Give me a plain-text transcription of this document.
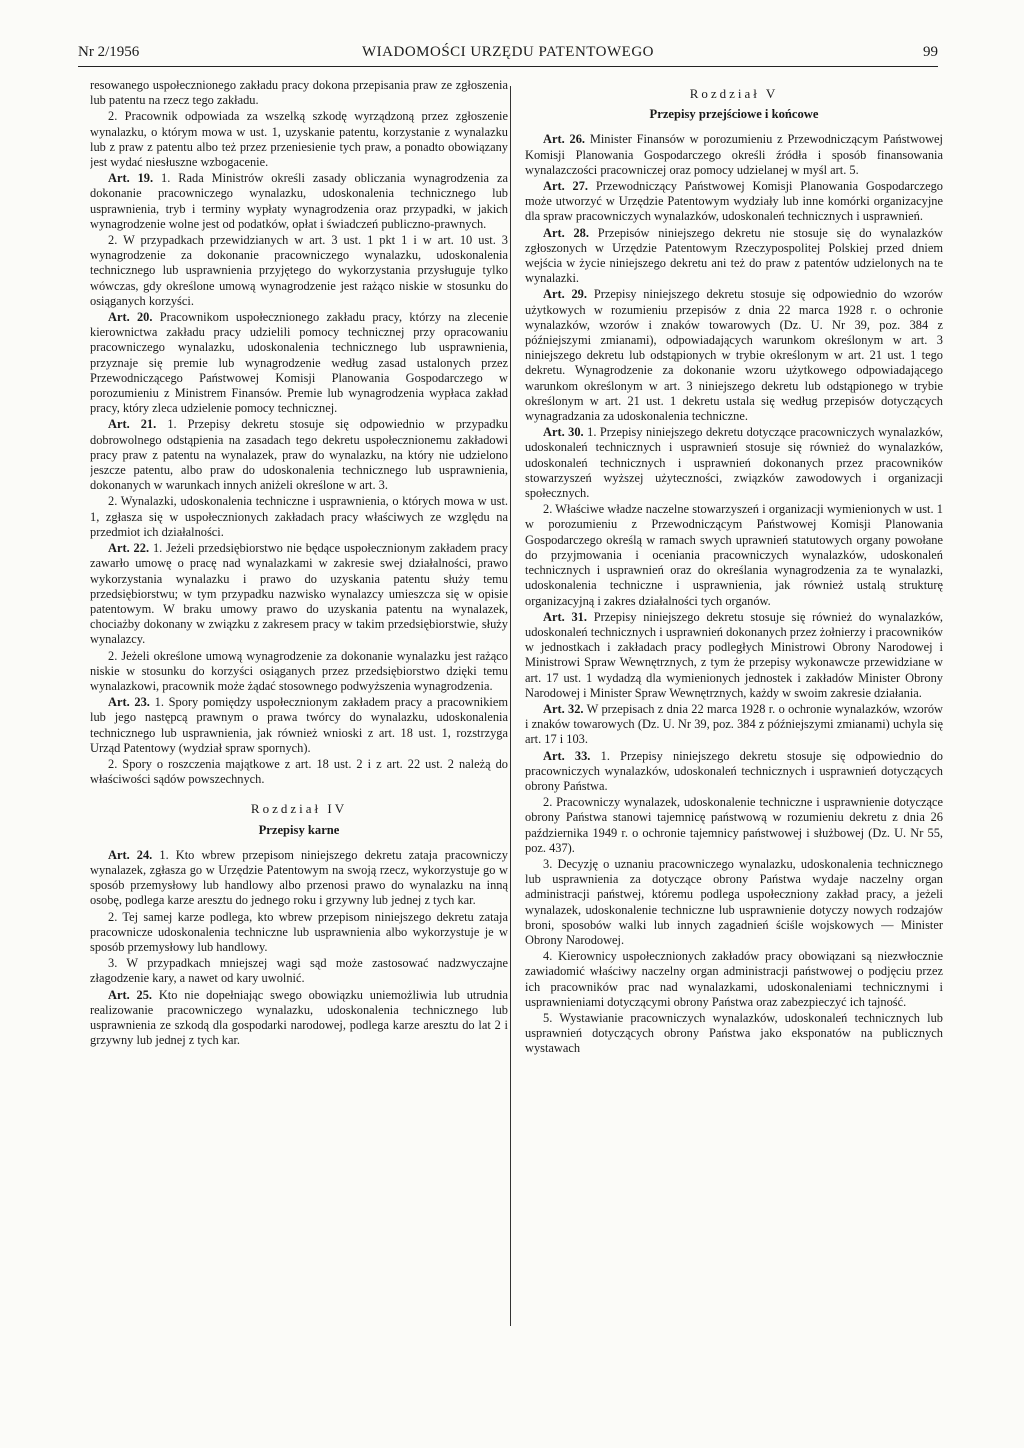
Nr 2/1956	WIADOMOŚCI URZĘDU PATENTOWEGO	99

resowanego uspołecznionego zakładu pracy dokona przepisania praw ze zgłoszenia lub patentu na rzecz tego zakładu.

2. Pracownik odpowiada za wszelką szkodę wyrządzoną przez zgłoszenie wynalazku, o którym mowa w ust. 1, uzyskanie patentu, korzystanie z wynalazku lub z praw z patentu albo też przez przeniesienie tych praw, a ponadto obowiązany jest wydać niesłuszne wzbogacenie.

Art. 19. 1. Rada Ministrów określi zasady obliczania wynagrodzenia za dokonanie pracowniczego wynalazku, udoskonalenia technicznego lub usprawnienia, tryb i terminy wypłaty wynagrodzenia oraz przypadki, w jakich wynagrodzenie wolne jest od podatków, opłat i świadczeń publiczno-prawnych.

2. W przypadkach przewidzianych w art. 3 ust. 1 pkt 1 i w art. 10 ust. 3 wynagrodzenie za dokonanie pracowniczego wynalazku, udoskonalenia technicznego lub usprawnienia przyjętego do wykorzystania przysługuje tylko wówczas, gdy określone umową wynagrodzenie jest rażąco niskie w stosunku do osiąganych korzyści.

Art. 20. Pracownikom uspołecznionego zakładu pracy, którzy na zlecenie kierownictwa zakładu pracy udzielili pomocy technicznej przy opracowaniu pracowniczego wynalazku, udoskonalenia technicznego lub usprawnienia, przyznaje się premie lub wynagrodzenie według zasad ustalonych przez Przewodniczącego Państwowej Komisji Planowania Gospodarczego w porozumieniu z Ministrem Finansów. Premie lub wynagrodzenia wypłaca zakład pracy, który zleca udzielenie pomocy technicznej.

Art. 21. 1. Przepisy dekretu stosuje się odpowiednio w przypadku dobrowolnego odstąpienia na zasadach tego dekretu uspołecznionemu zakładowi pracy praw z patentu na wynalazek, praw do wynalazku, na który nie udzielono jeszcze patentu, albo praw do udoskonalenia technicznego lub usprawnienia, dokonanych w warunkach innych aniżeli określone w art. 3.

2. Wynalazki, udoskonalenia techniczne i usprawnienia, o których mowa w ust. 1, zgłasza się w uspołecznionych zakładach pracy właściwych ze względu na przedmiot ich działalności.

Art. 22. 1. Jeżeli przedsiębiorstwo nie będące uspołecznionym zakładem pracy zawarło umowę o pracę nad wynalazkami w zakresie swej działalności, prawo wykorzystania wynalazku i prawo do uzyskania patentu służy temu przedsiębiorstwu; w tym przypadku nazwisko wynalazcy umieszcza się w opisie patentowym. W braku umowy prawo do uzyskania patentu na wynalazek, chociażby dokonany w związku z zakresem pracy w takim przedsiębiorstwie, służy wynalazcy.

2. Jeżeli określone umową wynagrodzenie za dokonanie wynalazku jest rażąco niskie w stosunku do korzyści osiąganych przez przedsiębiorstwo dzięki temu wynalazkowi, pracownik może żądać stosownego podwyższenia wynagrodzenia.

Art. 23. 1. Spory pomiędzy uspołecznionym zakładem pracy a pracownikiem lub jego następcą prawnym o prawa twórcy do wynalazku, udoskonalenia technicznego lub usprawnienia, jak również wnioski z art. 18 ust. 1, rozstrzyga Urząd Patentowy (wydział spraw spornych).

2. Spory o roszczenia majątkowe z art. 18 ust. 2 i z art. 22 ust. 2 należą do właściwości sądów powszechnych.

Rozdział IV
Przepisy karne

Art. 24. 1. Kto wbrew przepisom niniejszego dekretu zataja pracowniczy wynalazek, zgłasza go w Urzędzie Patentowym na swoją rzecz, wykorzystuje go w sposób przemysłowy lub handlowy albo przenosi prawo do wynalazku na inną osobę, podlega karze aresztu do jednego roku i grzywny lub jednej z tych kar.

2. Tej samej karze podlega, kto wbrew przepisom niniejszego dekretu zataja pracownicze udoskonalenia techniczne lub usprawnienia albo wykorzystuje je w sposób przemysłowy lub handlowy.

3. W przypadkach mniejszej wagi sąd może zastosować nadzwyczajne złagodzenie kary, a nawet od kary uwolnić.

Art. 25. Kto nie dopełniając swego obowiązku uniemożliwia lub utrudnia realizowanie pracowniczego wynalazku, udoskonalenia technicznego lub usprawnienia ze szkodą dla gospodarki narodowej, podlega karze aresztu do lat 2 i grzywny lub jednej z tych kar.

Rozdział V
Przepisy przejściowe i końcowe

Art. 26. Minister Finansów w porozumieniu z Przewodniczącym Państwowej Komisji Planowania Gospodarczego określi źródła i sposób finansowania wynalazczości pracowniczej oraz pomocy udzielanej w myśl art. 5.

Art. 27. Przewodniczący Państwowej Komisji Planowania Gospodarczego może utworzyć w Urzędzie Patentowym wydziały lub inne komórki organizacyjne dla spraw pracowniczych wynalazków, udoskonaleń technicznych i usprawnień.

Art. 28. Przepisów niniejszego dekretu nie stosuje się do wynalazków zgłoszonych w Urzędzie Patentowym Rzeczypospolitej Polskiej przed dniem wejścia w życie niniejszego dekretu ani też do praw z patentów udzielonych na te wynalazki.

Art. 29. Przepisy niniejszego dekretu stosuje się odpowiednio do wzorów użytkowych w rozumieniu przepisów z dnia 22 marca 1928 r. o ochronie wynalazków, wzorów i znaków towarowych (Dz. U. Nr 39, poz. 384 z późniejszymi zmianami), odpowiadających warunkom określonym w art. 3 niniejszego dekretu lub odstąpionych w trybie określonym w art. 21 ust. 1 tego dekretu. Wynagrodzenie za dokonanie wzoru użytkowego odpowiadającego warunkom określonym w art. 3 niniejszego dekretu lub odstąpionego w trybie określonym w art. 21 ust. 1 dekretu ustala się według przepisów dotyczących wynagradzania za udoskonalenia techniczne.

Art. 30. 1. Przepisy niniejszego dekretu dotyczące pracowniczych wynalazków, udoskonaleń technicznych i usprawnień stosuje się również do wynalazków, udoskonaleń technicznych i usprawnień dokonanych przez pracowników stowarzyszeń wyższej użyteczności, związków zawodowych i organizacji społecznych.

2. Właściwe władze naczelne stowarzyszeń i organizacji wymienionych w ust. 1 w porozumieniu z Przewodniczącym Państwowej Komisji Planowania Gospodarczego określą w ramach swych uprawnień statutowych organy powołane do przyjmowania i oceniania pracowniczych wynalazków, udoskonaleń technicznych i usprawnień oraz do określania wynagrodzenia za te wynalazki, udoskonalenia techniczne i usprawnienia, jak również ustalą strukturę organizacyjną i zakres działalności tych organów.

Art. 31. Przepisy niniejszego dekretu stosuje się również do wynalazków, udoskonaleń technicznych i usprawnień dokonanych przez żołnierzy i pracowników w jednostkach i zakładach pracy podległych Ministrowi Obrony Narodowej i Ministrowi Spraw Wewnętrznych, z tym że przepisy wykonawcze przewidziane w art. 17 ust. 1 wydadzą dla wymienionych jednostek i zakładów Minister Obrony Narodowej i Minister Spraw Wewnętrznych, każdy w swoim zakresie działania.

Art. 32. W przepisach z dnia 22 marca 1928 r. o ochronie wynalazków, wzorów i znaków towarowych (Dz. U. Nr 39, poz. 384 z późniejszymi zmianami) uchyla się art. 17 i 103.

Art. 33. 1. Przepisy niniejszego dekretu stosuje się odpowiednio do pracowniczych wynalazków, udoskonaleń technicznych i usprawnień dotyczących obrony Państwa.

2. Pracowniczy wynalazek, udoskonalenie techniczne i usprawnienie dotyczące obrony Państwa stanowi tajemnicę państwową w rozumieniu dekretu z dnia 26 października 1949 r. o ochronie tajemnicy państwowej i służbowej (Dz. U. Nr 55, poz. 437).

3. Decyzję o uznaniu pracowniczego wynalazku, udoskonalenia technicznego lub usprawnienia za dotyczące obrony Państwa wydaje naczelny organ administracji państwej, któremu podlega uspołeczniony zakład pracy, a jeżeli wynalazek, udoskonalenie techniczne lub usprawnienie dotyczy nowych rodzajów broni, sposobów walki lub innych zagadnień ściśle wojskowych — Minister Obrony Narodowej.

4. Kierownicy uspołecznionych zakładów pracy obowiązani są niezwłocznie zawiadomić właściwy naczelny organ administracji państwowej o podjęciu przez ich pracowników prac nad wynalazkami, udoskonaleniami technicznymi i usprawnieniami dotyczącymi obrony Państwa oraz zabezpieczyć ich tajność.

5. Wystawianie pracowniczych wynalazków, udoskonaleń technicznych lub usprawnień dotyczących obrony Państwa jako eksponatów na publicznych wystawach
